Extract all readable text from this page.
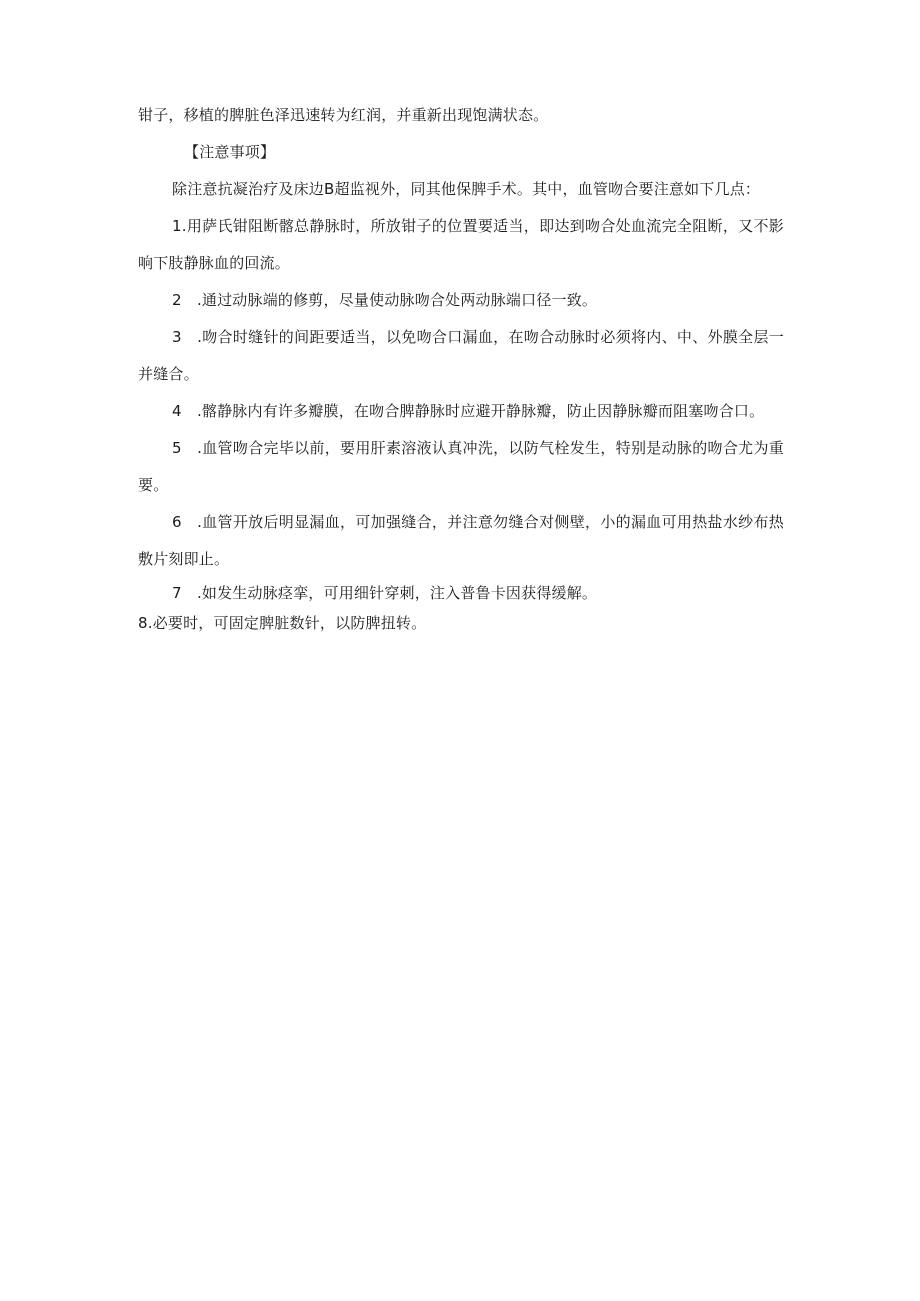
钳子，移植的脾脏色泽迅速转为红润，并重新出现饱满状态。

【注意事项】

除注意抗凝治疗及床边B超监视外，同其他保脾手术。其中，血管吻合要注意如下几点：

1.用萨氏钳阻断髂总静脉时，所放钳子的位置要适当，即达到吻合处血流完全阻断，又不影响下肢静脉血的回流。

2　.通过动脉端的修剪，尽量使动脉吻合处两动脉端口径一致。

3　.吻合时缝针的间距要适当，以免吻合口漏血，在吻合动脉时必须将内、中、外膜全层一并缝合。

4　.髂静脉内有许多瓣膜，在吻合脾静脉时应避开静脉瓣，防止因静脉瓣而阻塞吻合口。

5　.血管吻合完毕以前，要用肝素溶液认真冲洗，以防气栓发生，特别是动脉的吻合尤为重要。

6　.血管开放后明显漏血，可加强缝合，并注意勿缝合对侧壁，小的漏血可用热盐水纱布热敷片刻即止。

7　.如发生动脉痉挛，可用细针穿刺，注入普鲁卡因获得缓解。

8.必要时，可固定脾脏数针，以防脾扭转。
